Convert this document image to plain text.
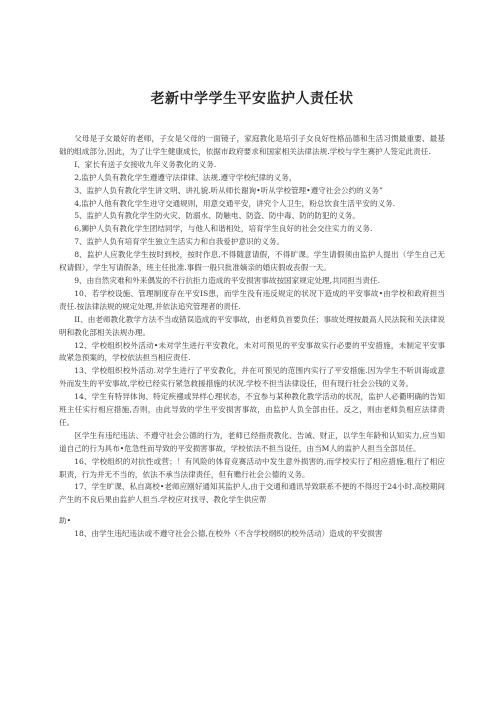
老新中学学生平安监护人责任状

父母是子女最好的老师，子女是父母的一面镜子，家庭教化是培引子女良好性格品德和生活习惯最重要、最基础的组成部分,因此，为了让学生健康成长，依据市政府要求和国家相关法律法规.学校与学生赛护人签定此责任.

I、家长有送子女接收九年义务教化的义务.

2,监护人负有教化学生遵遵守法律律、法规,遵守学校纪律的义务，

3、监护人负有教化学生讲文明、讲礼貌.听从师长谢询•听从学校管理•遵守社会公约的义务”

4,监护人他有教化学生迸守交通规则，用意交通平安，讲究个人卫生，粉总饮食生活平安的义务.

5、监护人负有教化学生防火灾、防溺水、防触电、防盗、防中毒、防的防犯的义务。

6,狮护人负有教化学生团结同学，与他人和谐相处，培育学生良好的社会交往实力的义务.

7、监护人负有培育学生独立生活实力和自我爱护意识的义务。

8、监护人应教化学生按时到校，按时作息,不得随意请假，不得旷课。学生请假须由监护人提出（学生自己无权请假），学生写请假条，班主任批准.事假一般只批准嫡亲的婚庆假或丧假一天。

9、由自然灾难和外来偶发的不行抗拒力造成的平安损害事故按国家规定处理,共同担当责任.

10、若学校设施、管理制度存在平安IS患，而学生没有违反规定的状况下造成的平安事故•由学校和政府担当责任.按法律法规的规定处理,并依法追究管理者的责任.

II、由老师教化教学方法不当或错误造成的平安事故，由老师负首要负任；事故处理按最高人民法院和关法律说明和教化部相关法规办理。

12、学校组织校外活动•未对学生进行平安教化，未对可预见的平安事故实行必要的平安措施，未制定平安事故紧急预案的，学校依法担当相应责任.

13、学校组织校外活动.对学生进行了平安教化，并在可预见的范围内实行了平安措施.因为学生不听训诲或意外而发生的平安事故,学校已经实行紧急救援措施的状况.学校不担当法律设任，但有现行社会公钱的义务。

14、学生有特异体询、特定疾襁或异样心理状态，不宜参与某种教化教学活动的状况，监护人必衢明确的告知班主任实行相应措施,否则，由此导致的学生平安损害事故，由监护人负全部由任。反之，则由老师负相应法律责任。

区学生有违纪违法、不遵守社会公德的行为，老师已经指责教化、告诫、财正，以学生年龄和认知实力,应当知道自己的行为具布•危急性而导致的平安损害事故，学校依法不担当设任，由当M人的监护人担当全部员任。

16、学校组织的对抗性或营；！有风险的体育竞赛活动中发生意外损害的,而学校实行了相应措施,粗行了相应职责，行为并无不当的，依法不承当法律责任，但有赡行社会公德的义务。

17、学生旷课、私自离校•老师应刚好通知其监护人,由于交通和通讯导致联系不便的不得迟于24小时.高校期间产生的不良后果由监护人担当.学校应对找寻、教化学生供应帮

助•

18、由学生违纪违法或不遵守社会公德,在校外（不含学校纲织的校外活动）造成的平安损害
